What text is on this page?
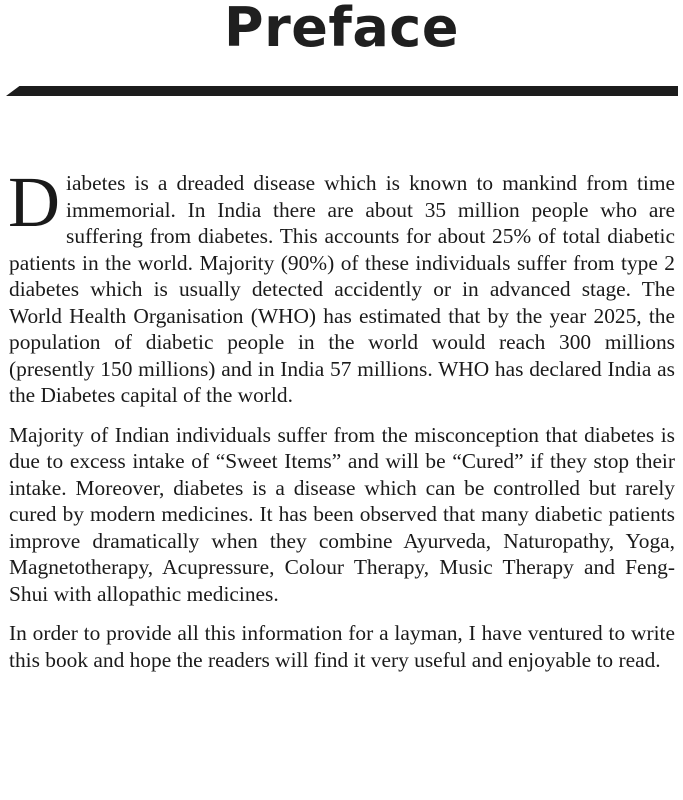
Preface

Diabetes is a dreaded disease which is known to mankind from time immemorial. In India there are about 35 million people who are suffering from diabetes. This accounts for about 25% of total diabetic patients in the world. Majority (90%) of these individuals suffer from type 2 diabetes which is usually detected accidently or in advanced stage. The World Health Organisation (WHO) has estimated that by the year 2025, the population of diabetic people in the world would reach 300 millions (presently 150 millions) and in India 57 millions. WHO has declared India as the Diabetes capital of the world.

Majority of Indian individuals suffer from the misconception that diabetes is due to excess intake of “Sweet Items” and will be “Cured” if they stop their intake. Moreover, diabetes is a disease which can be controlled but rarely cured by modern medicines. It has been observed that many diabetic patients improve dramatically when they combine Ayurveda, Naturopathy, Yoga, Magnetotherapy, Acupressure, Colour Therapy, Music Therapy and Feng-Shui with allopathic medicines.

In order to provide all this information for a layman, I have ventured to write this book and hope the readers will find it very useful and enjoyable to read.
